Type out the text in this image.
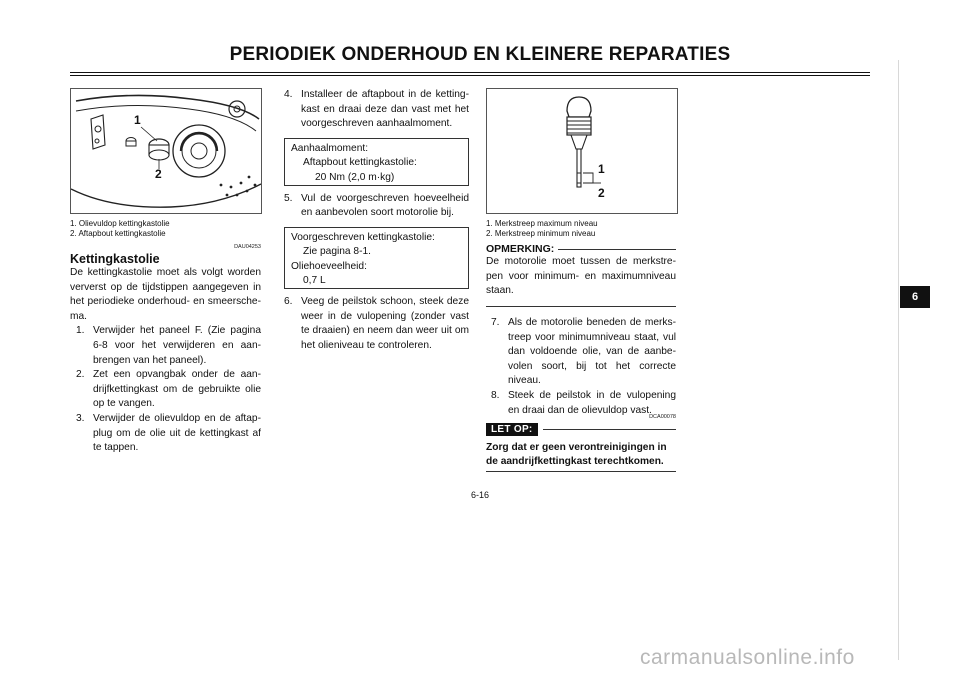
PERIODIEK ONDERHOUD EN KLEINERE REPARATIES
6
1
2
1. Olievuldop kettingkastolie
2. Aftapbout kettingkastolie
DAU04253
Kettingkastolie
De kettingkastolie moet als volgt worden ververst op de tijdstippen aangegeven in het periodieke onderhoud- en smeersche- ma.
1. Verwijder het paneel F. (Zie pagina 6-8 voor het verwijderen en aan- brengen van het paneel).
2. Zet een opvangbak onder de aan- drijfkettingkast om de gebruikte olie op te vangen.
3. Verwijder de olievuldop en de aftap- plug om de olie uit de kettingkast af te tappen.
4. Installeer de aftapbout in de ketting- kast en draai deze dan vast met het voorgeschreven aanhaalmoment.
Aanhaalmoment:
Aftapbout kettingkastolie:
20 Nm (2,0 m·kg)
5. Vul de voorgeschreven hoeveelheid en aanbevolen soort motorolie bij.
Voorgeschreven kettingkastolie:
Zie pagina 8-1.
Oliehoeveelheid:
0,7 L
6. Veeg de peilstok schoon, steek deze weer in de vulopening (zonder vast te draaien) en neem dan weer uit om het olieniveau te controleren.
1
2
1. Merkstreep maximum niveau
2. Merkstreep minimum niveau
OPMERKING:
De motorolie moet tussen de merkstre- pen voor minimum- en maximumniveau staan.
7. Als de motorolie beneden de merks- treep voor minimumniveau staat, vul dan voldoende olie, van de aanbe- volen soort, bij tot het correcte niveau.
8. Steek de peilstok in de vulopening en draai dan de olievuldop vast.
DCA00078
LET OP:
Zorg dat er geen verontreinigingen in de aandrijfkettingkast terechtkomen.
6-16
carmanualsonline.info
